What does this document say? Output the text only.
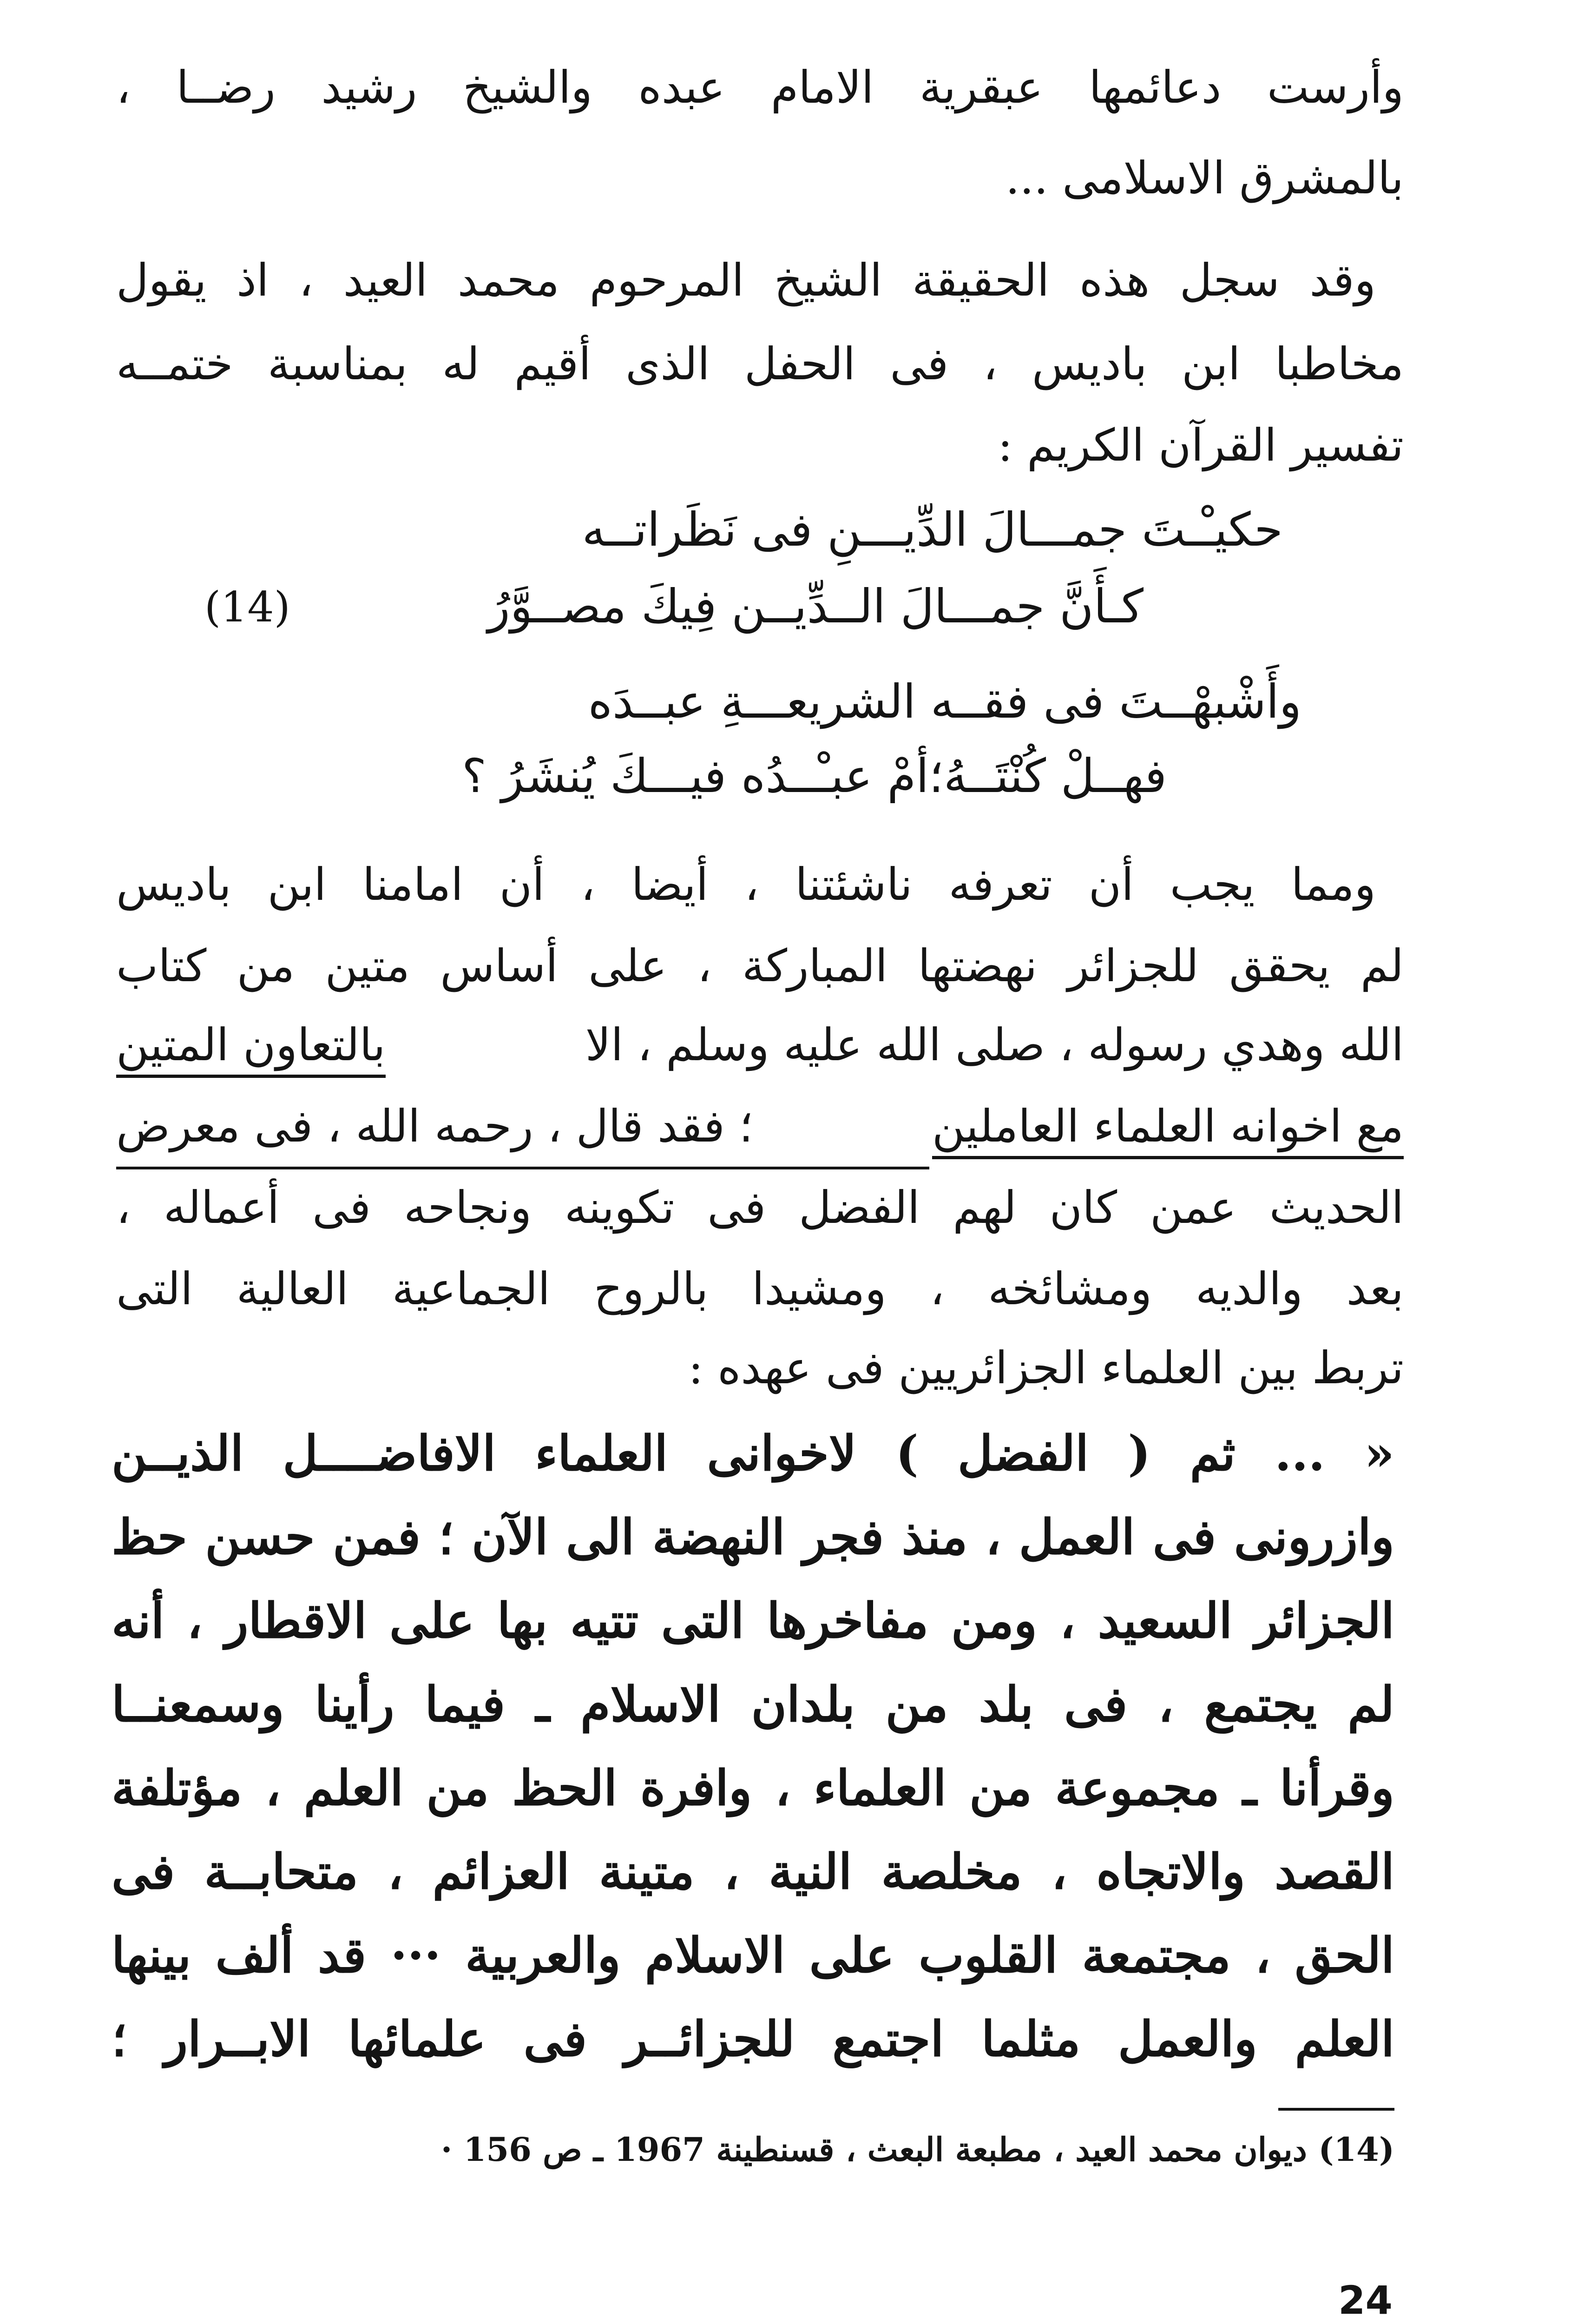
وأرست دعائمها عبقرية الامام عبده والشيخ رشيد رضــا ،
بالمشرق الاسلامى ...
وقد سجل هذه الحقيقة الشيخ المرحوم محمد العيد ، اذ يقول
مخاطبا ابن باديس ، فى الحفل الذى أقيم له بمناسبة ختمــه
تفسير القرآن الكريم :
حكيـْـتَ جمـــالَ الدِّيـــنِ فى نَظَراتــه
كـأَنَّ جمـــالَ الــدِّيــن فِيكَ مصــوَّرُ
(14)
وأَشْبهْــتَ فى فقــه الشريعـــةِ عبــدَه
فهــلْ كُنْتَــهُ؛أمْ عبـْــدُه فيـــكَ يُنشَرُ ؟
ومما يجب أن تعرفه ناشئتنا ، أيضا ، أن امامنا ابن باديس
لم يحقق للجزائر نهضتها المباركة ، على أساس متين من كتاب
الله وهدي رسوله ، صلى الله عليه وسلم ، الا
بالتعاون المتين
مع اخوانه العلماء العاملين
؛ فقد قال ، رحمه الله ، فى معرض
الحديث عمن كان لهم الفضل فى تكوينه ونجاحه فى أعماله ،
بعد والديه ومشائخه ، ومشيدا بالروح الجماعية العالية التى
تربط بين العلماء الجزائريين فى عهده :
« ... ثم ( الفضل ) لاخوانى العلماء الافاضــــل الذيــن
وازرونى فى العمل ، منذ فجر النهضة الى الآن ؛ فمن حسن حظ
الجزائر السعيد ، ومن مفاخرها التى تتيه بها على الاقطار ، أنه
لم يجتمع ، فى بلد من بلدان الاسلام ـ فيما رأينا وسمعنــا
وقرأنا ـ مجموعة من العلماء ، وافرة الحظ من العلم ، مؤتلفة
القصد والاتجاه ، مخلصة النية ، متينة العزائم ، متحابــة فى
الحق ، مجتمعة القلوب على الاسلام والعربية ··· قد ألف بينها
العلم والعمل مثلما اجتمع للجزائــر فى علمائها الابــرار ؛
(14) ديوان محمد العيد ، مطبعة البعث ، قسنطينة 1967 ـ ص 156 ·
24
